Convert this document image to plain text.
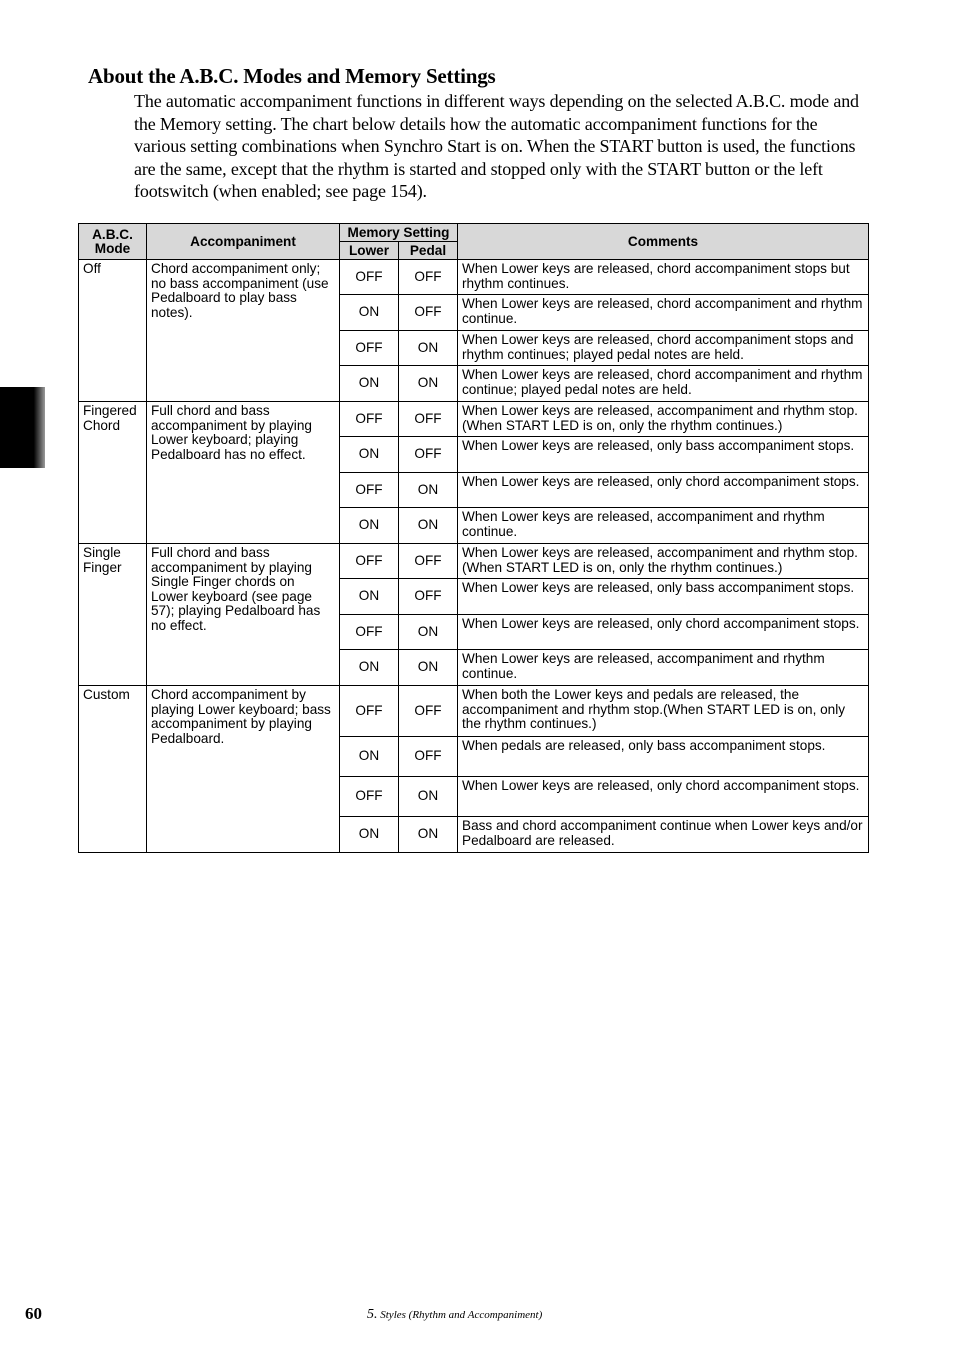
About the A.B.C. Modes and Memory Settings

The automatic accompaniment functions in different ways depending on the selected A.B.C. mode and the Memory setting. The chart below details how the automatic accompaniment functions for the various setting combinations when Synchro Start is on. When the START button is used, the functions are the same, except that the rhythm is started and stopped only with the START button or the left footswitch (when enabled; see page 154).

A.B.C. Mode	Accompaniment	Memory Setting		Comments
		Lower	Pedal	
Off	Chord accompaniment only; no bass accompaniment (use Pedalboard to play bass notes).	OFF	OFF	When Lower keys are released, chord accompaniment stops but rhythm continues.
		ON	OFF	When Lower keys are released, chord accompaniment and rhythm continue.
		OFF	ON	When Lower keys are released, chord accompaniment stops and rhythm continues; played pedal notes are held.
		ON	ON	When Lower keys are released, chord accompaniment and rhythm continue; played pedal notes are held.
Fingered Chord	Full chord and bass accompaniment by playing Lower keyboard; playing Pedalboard has no effect.	OFF	OFF	When Lower keys are released, accompaniment and rhythm stop. (When START LED is on, only the rhythm continues.)
		ON	OFF	When Lower keys are released, only bass accompaniment stops.
		OFF	ON	When Lower keys are released, only chord accompaniment stops.
		ON	ON	When Lower keys are released, accompaniment and rhythm continue.
Single Finger	Full chord and bass accompaniment by playing Single Finger chords on Lower keyboard (see page 57); playing Pedalboard has no effect.	OFF	OFF	When Lower keys are released, accompaniment and rhythm stop. (When START LED is on, only the rhythm continues.)
		ON	OFF	When Lower keys are released, only bass accompaniment stops.
		OFF	ON	When Lower keys are released, only chord accompaniment stops.
		ON	ON	When Lower keys are released, accompaniment and rhythm continue.
Custom	Chord accompaniment by playing Lower keyboard; bass accompaniment by playing Pedalboard.	OFF	OFF	When both the Lower keys and pedals are released, the accompaniment and rhythm stop.(When START LED is on, only the rhythm continues.)
		ON	OFF	When pedals are released, only bass accompaniment stops.
		OFF	ON	When Lower keys are released, only chord accompaniment stops.
		ON	ON	Bass and chord accompaniment continue when Lower keys and/or Pedalboard are released.
60	5. Styles (Rhythm and Accompaniment)
